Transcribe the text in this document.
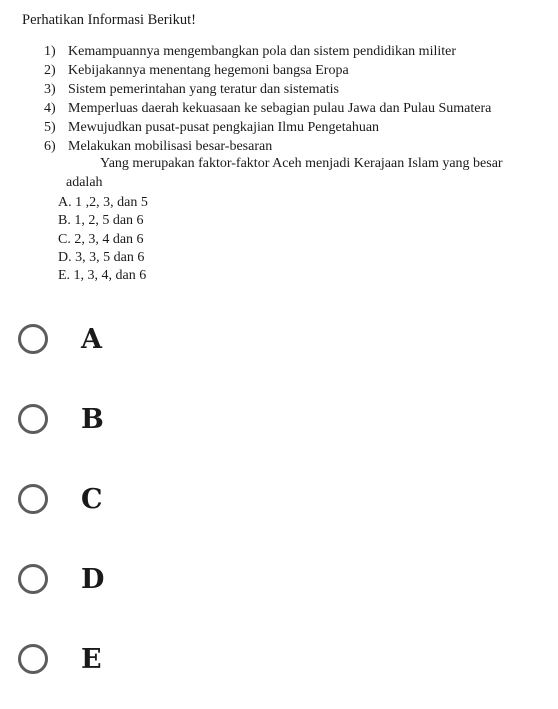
Perhatikan Informasi Berikut!
1) Kemampuannya mengembangkan pola dan sistem pendidikan militer
2) Kebijakannya menentang hegemoni bangsa Eropa
3) Sistem pemerintahan yang teratur dan sistematis
4) Memperluas daerah kekuasaan ke sebagian pulau Jawa dan Pulau Sumatera
5) Mewujudkan pusat-pusat pengkajian Ilmu Pengetahuan
6) Melakukan mobilisasi besar-besaran
Yang merupakan faktor-faktor Aceh menjadi Kerajaan Islam yang besar
adalah
A. 1 ,2, 3, dan 5
B. 1, 2, 5 dan 6
C. 2, 3, 4 dan 6
D. 3, 3, 5 dan 6
E. 1, 3, 4, dan 6
A
B
C
D
E
